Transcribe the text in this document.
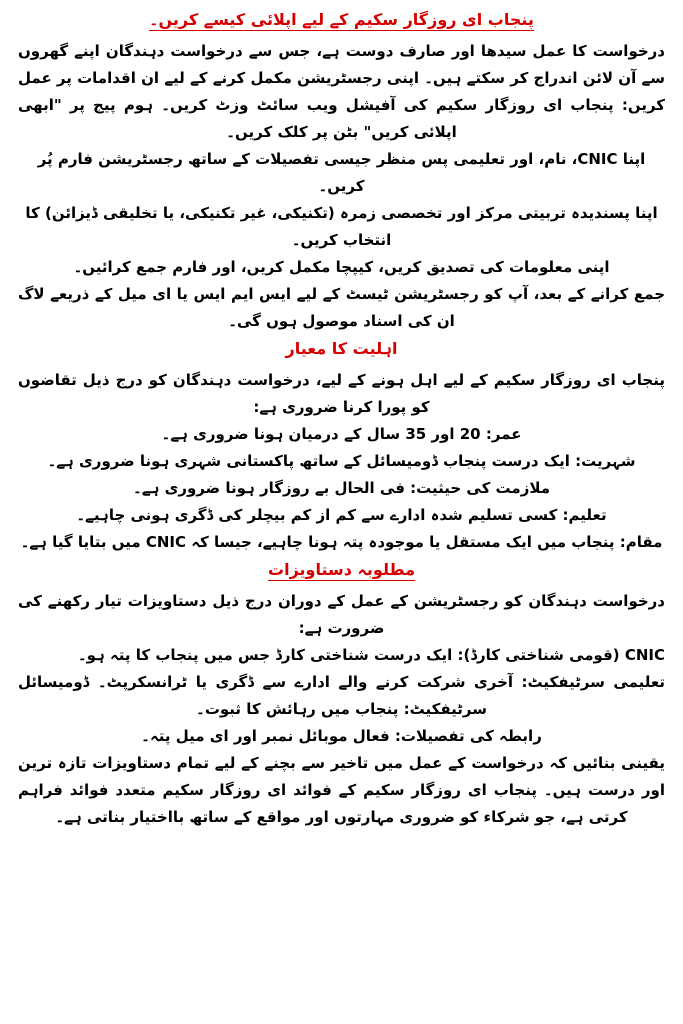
پنجاب ای روزگار سکیم کے لیے اپلائی کیسے کریں۔

درخواست کا عمل سیدھا اور صارف دوست ہے، جس سے درخواست دہندگان اپنے گھروں سے آن لائن اندراج کر سکتے ہیں۔ اپنی رجسٹریشن مکمل کرنے کے لیے ان اقدامات پر عمل کریں: پنجاب ای روزگار سکیم کی آفیشل ویب سائٹ وزٹ کریں۔ ہوم پیج پر "ابھی اپلائی کریں" بٹن پر کلک کریں۔

اپنا CNIC، نام، اور تعلیمی پس منظر جیسی تفصیلات کے ساتھ رجسٹریشن فارم پُر کریں۔
اپنا پسندیدہ تربیتی مرکز اور تخصصی زمرہ (تکنیکی، غیر تکنیکی، یا تخلیقی ڈیزائن) کا انتخاب کریں۔
اپنی معلومات کی تصدیق کریں، کیپچا مکمل کریں، اور فارم جمع کرائیں۔

جمع کرانے کے بعد، آپ کو رجسٹریشن ٹیسٹ کے لیے ایس ایم ایس یا ای میل کے ذریعے لاگ ان کی اسناد موصول ہوں گی۔

اہلیت کا معیار

پنجاب ای روزگار سکیم کے لیے اہل ہونے کے لیے، درخواست دہندگان کو درج ذیل تقاضوں کو پورا کرنا ضروری ہے:

عمر: 20 اور 35 سال کے درمیان ہونا ضروری ہے۔
شہریت: ایک درست پنجاب ڈومیسائل کے ساتھ پاکستانی شہری ہونا ضروری ہے۔
ملازمت کی حیثیت: فی الحال بے روزگار ہونا ضروری ہے۔
تعلیم: کسی تسلیم شدہ ادارے سے کم از کم بیچلر کی ڈگری ہونی چاہیے۔
مقام: پنجاب میں ایک مستقل یا موجودہ پتہ ہونا چاہیے، جیسا کہ CNIC میں بتایا گیا ہے۔
مطلوبہ دستاویزات

درخواست دہندگان کو رجسٹریشن کے عمل کے دوران درج ذیل دستاویزات تیار رکھنے کی ضرورت ہے:

CNIC (قومی شناختی کارڈ): ایک درست شناختی کارڈ جس میں پنجاب کا پتہ ہو۔

تعلیمی سرٹیفکیٹ: آخری شرکت کرنے والے ادارے سے ڈگری یا ٹرانسکرپٹ۔ ڈومیسائل سرٹیفکیٹ: پنجاب میں رہائش کا ثبوت۔

رابطہ کی تفصیلات: فعال موبائل نمبر اور ای میل پتہ۔

یقینی بنائیں کہ درخواست کے عمل میں تاخیر سے بچنے کے لیے تمام دستاویزات تازہ ترین اور درست ہیں۔ پنجاب ای روزگار سکیم کے فوائد ای روزگار سکیم متعدد فوائد فراہم کرتی ہے، جو شرکاء کو ضروری مہارتوں اور مواقع کے ساتھ بااختیار بناتی ہے۔
